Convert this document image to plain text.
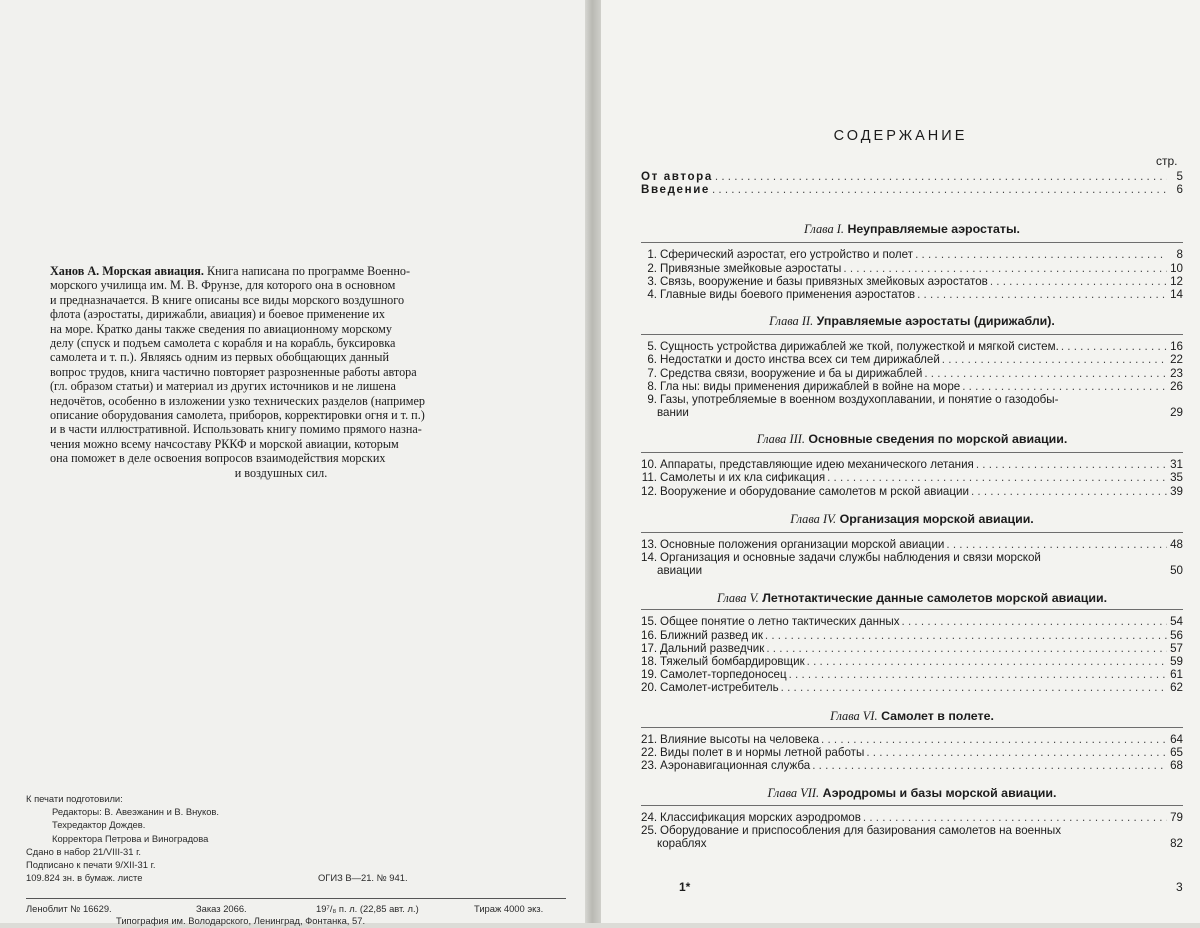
Ханов А. Морская авиация. Книга написана по программе Военно-
морского училища им. М. В. Фрунзе, для которого она в основном
и предназначается. В книге описаны все виды морского воздушного
флота (аэростаты, дирижабли, авиация) и боевое применение их
на море. Кратко даны также сведения по авиационному морскому
делу (спуск и подъем самолета с корабля и на корабль, буксировка
самолета и т. п.). Являясь одним из первых обобщающих данный
вопрос трудов, книга частично повторяет разрозненные работы автора
(гл. образом статьи) и материал из других источников и не лишена
недочётов, особенно в изложении узко технических разделов (например
описание оборудования самолета, приборов, корректировки огня и т. п.)
и в части иллюстративной. Использовать книгу помимо прямого назна-
чения можно всему начсоставу РККФ и морской авиации, которым
она поможет в деле освоения вопросов взаимодействия морских
и воздушных сил.
К печати подготовили:
Редакторы: В. Авеэжанин и В. Внуков.
Техредактор Дождев.
Корректора Петрова и Виноградова
Сдано в набор 21/VIII-31 г.
Подписано к печати 9/XII-31 г.
109.824 зн. в бумаж. листе	ОГИЗ В—21. № 941.
Леноблит № 16629.	Заказ 2066.	19⁷/₈ п. л. (22,85 авт. л.)	Тираж 4000 экз.
Типография им. Володарского, Ленинград, Фонтанка, 57.
СОДЕРЖАНИЕ
стр.
От автора . . .	5
Введение . . .	6
Глава I. Неуправляемые аэростаты.
1. Сферический аэростат, его устройство и полет . . .	8
2. Привязные змейковые аэростаты . . .	10
3. Связь, вооружение и базы привязных змейковых аэростатов . . .	12
4. Главные виды боевого применения аэростатов . . .	14
Глава II. Управляемые аэростаты (дирижабли).
5. Сущность устройства дирижаблей же ткой, полужесткой и мягкой систем. . . .	16
6. Недостатки и досто инства всех си тем дирижаблей . . .	22
7. Средства связи, вооружение и ба ы дирижаблей . . .	23
8. Гла ны: виды применения дирижаблей в войне на море . . .	26
9. Газы, употребляемые в военном воздухоплавании, и понятие о газодобы-
вании	29
Глава III. Основные сведения по морской авиации.
10. Аппараты, представляющие идею механического летания . . .	31
11. Самолеты и их кла сификация . . .	35
12. Вооружение и оборудование самолетов м рской авиации . . .	39
Глава IV. Организация морской авиации.
13. Основные положения организации морской авиации . . .	48
14. Организация и основные задачи службы наблюдения и связи морской
авиации	50
Глава V. Летнотактические данные самолетов морской авиации.
15. Общее понятие о летно тактических данных . . .	54
16. Ближний развед ик . . .	56
17. Дальний разведчик . . .	57
18. Тяжелый бомбардировщик . . .	59
19. Самолет-торпедоносец . . .	61
20. Самолет-истребитель . . .	62
Глава VI. Самолет в полете.
21. Влияние высоты на человека . . .	64
22. Виды полет в и нормы летной работы . . .	65
23. Аэронавигационная служба . . .	68
Глава VII. Аэродромы и базы морской авиации.
24. Классификация морских аэродромов . . .	79
25. Оборудование и приспособления для базирования самолетов на военных
кораблях	82
1*	3
